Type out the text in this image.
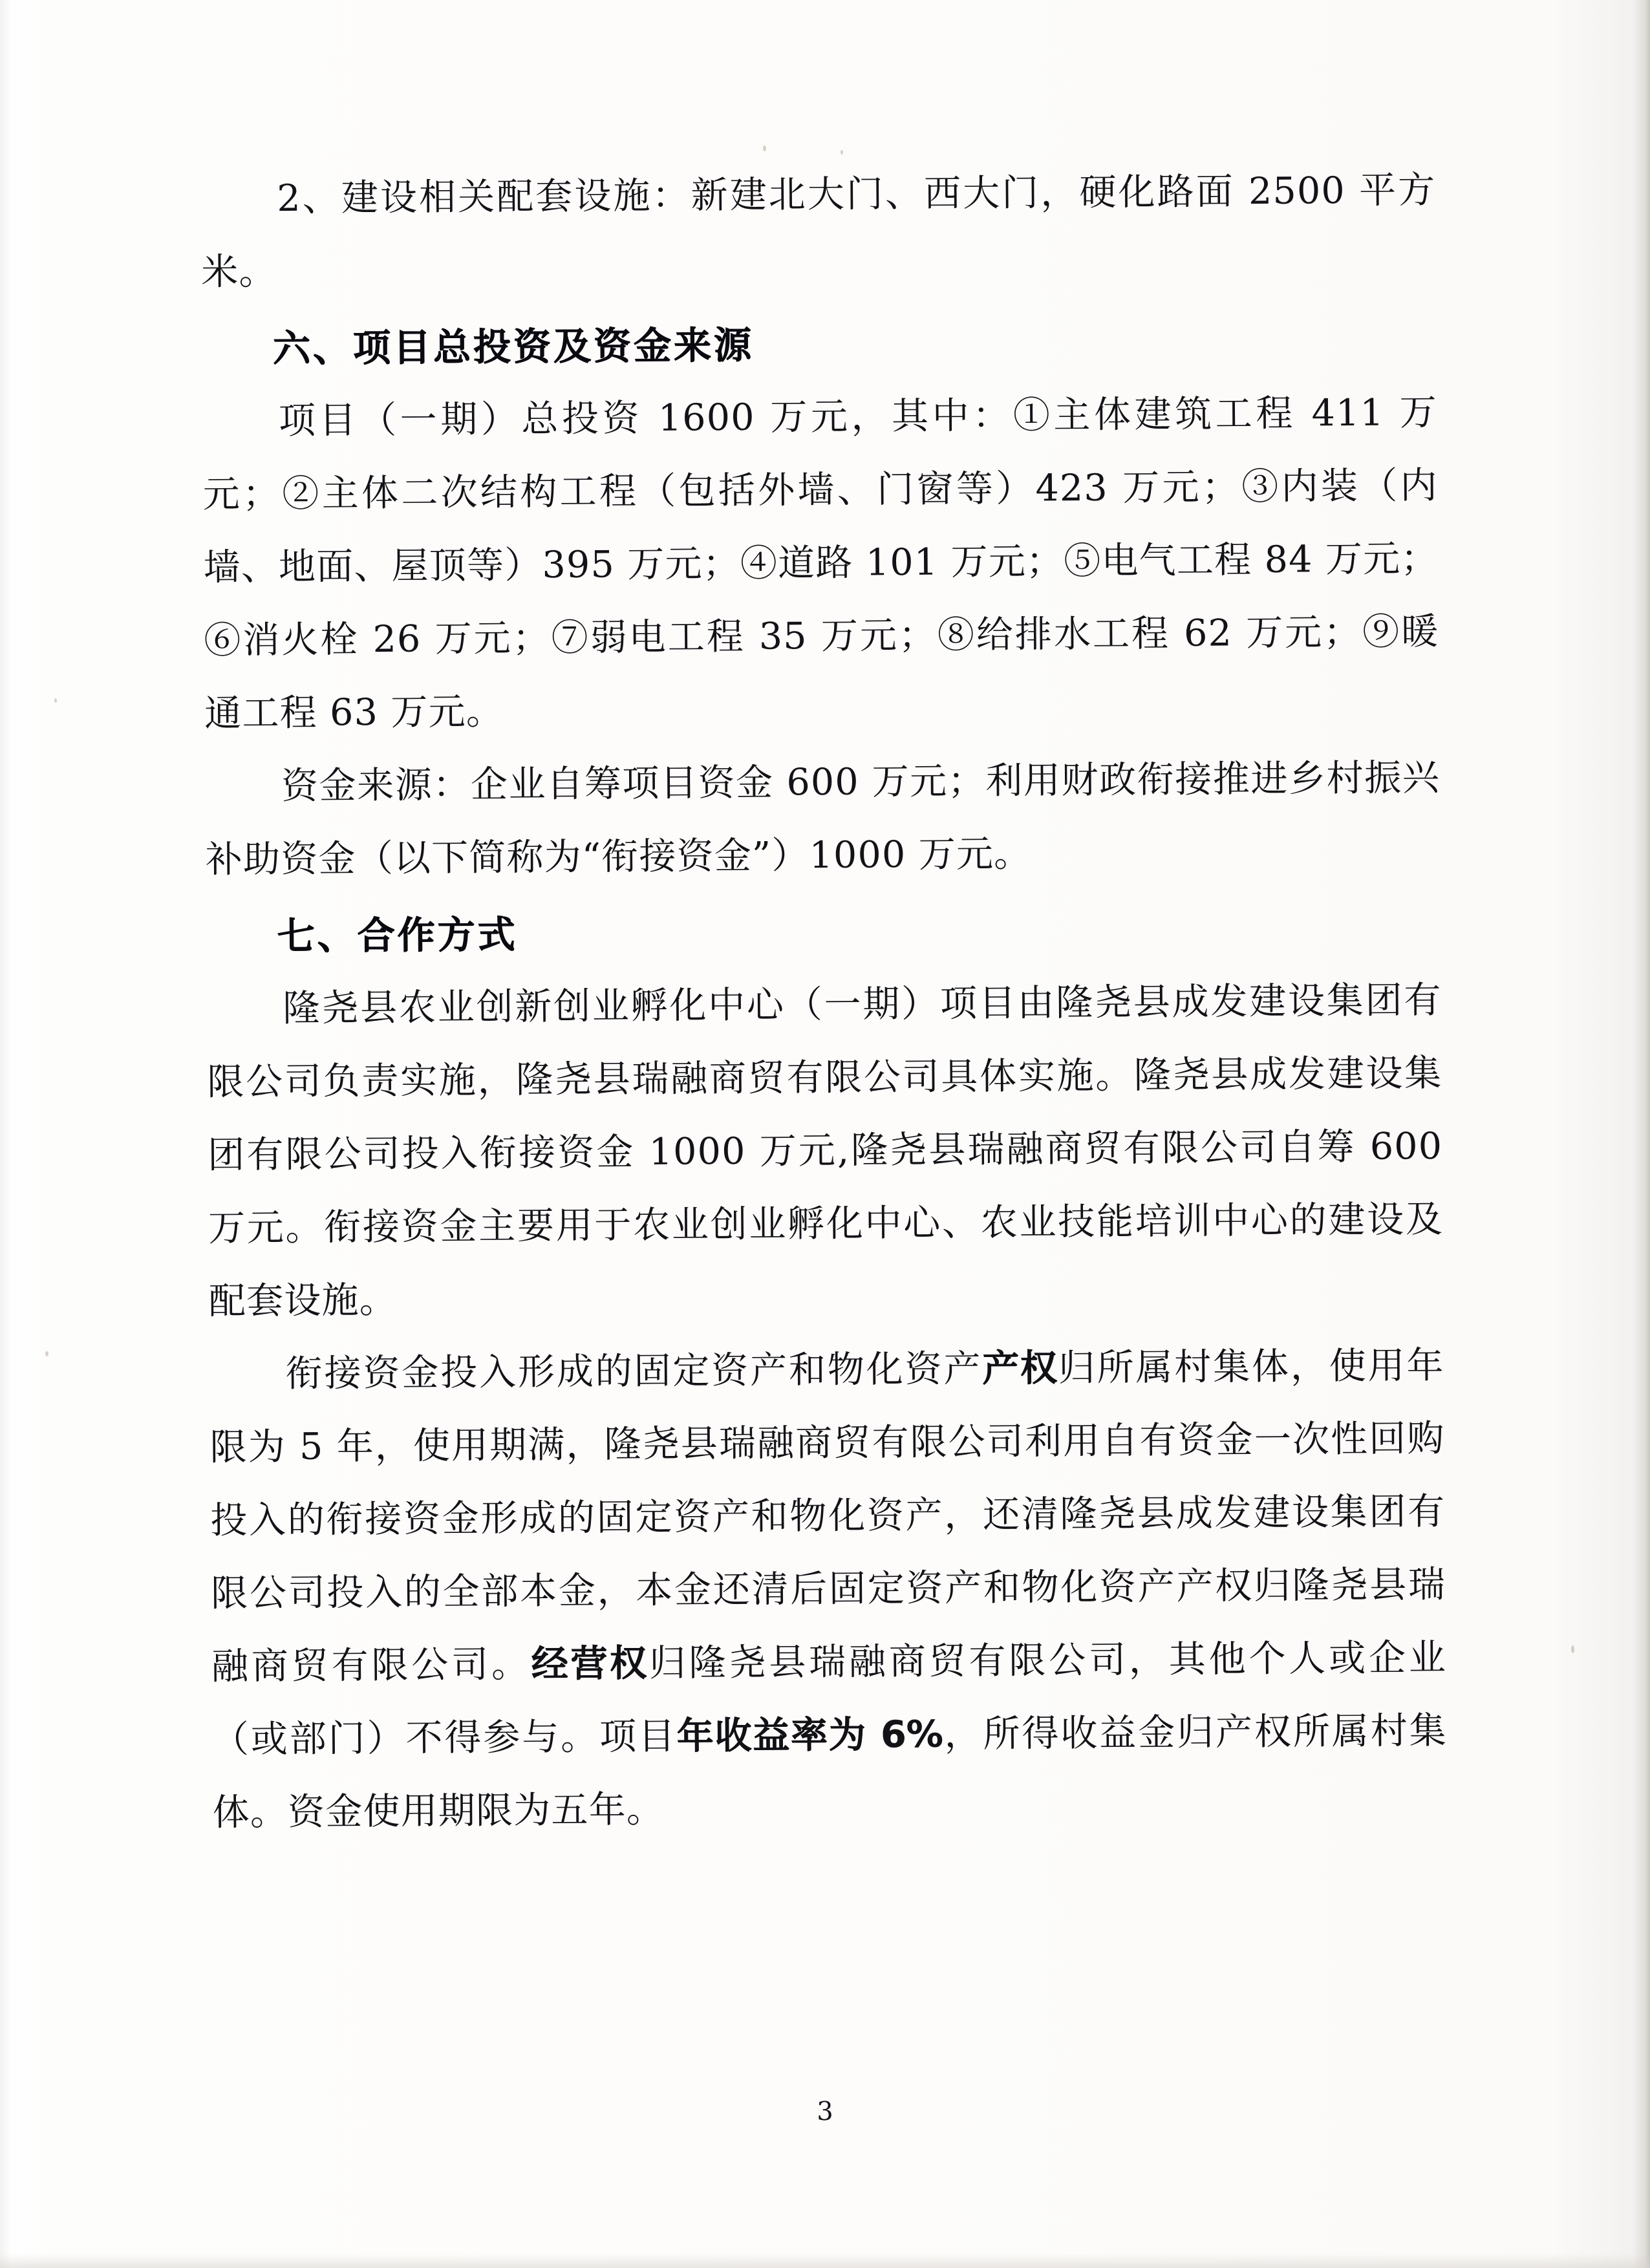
2、建设相关配套设施：新建北大门、西大门，硬化路面 2500 平方米。

六、项目总投资及资金来源

项目（一期）总投资 1600 万元，其中：①主体建筑工程 411 万元；②主体二次结构工程（包括外墙、门窗等）423 万元；③内装（内墙、地面、屋顶等）395 万元；④道路 101 万元；⑤电气工程 84 万元；⑥消火栓 26 万元；⑦弱电工程 35 万元；⑧给排水工程 62 万元；⑨暖通工程 63 万元。

资金来源：企业自筹项目资金 600 万元；利用财政衔接推进乡村振兴补助资金（以下简称为“衔接资金”）1000 万元。

七、合作方式

隆尧县农业创新创业孵化中心（一期）项目由隆尧县成发建设集团有限公司负责实施，隆尧县瑞融商贸有限公司具体实施。隆尧县成发建设集团有限公司投入衔接资金 1000 万元,隆尧县瑞融商贸有限公司自筹 600 万元。衔接资金主要用于农业创业孵化中心、农业技能培训中心的建设及配套设施。

衔接资金投入形成的固定资产和物化资产产权归所属村集体，使用年限为 5 年，使用期满，隆尧县瑞融商贸有限公司利用自有资金一次性回购投入的衔接资金形成的固定资产和物化资产，还清隆尧县成发建设集团有限公司投入的全部本金，本金还清后固定资产和物化资产产权归隆尧县瑞融商贸有限公司。经营权归隆尧县瑞融商贸有限公司，其他个人或企业（或部门）不得参与。项目年收益率为 6%，所得收益金归产权所属村集体。资金使用期限为五年。

3
